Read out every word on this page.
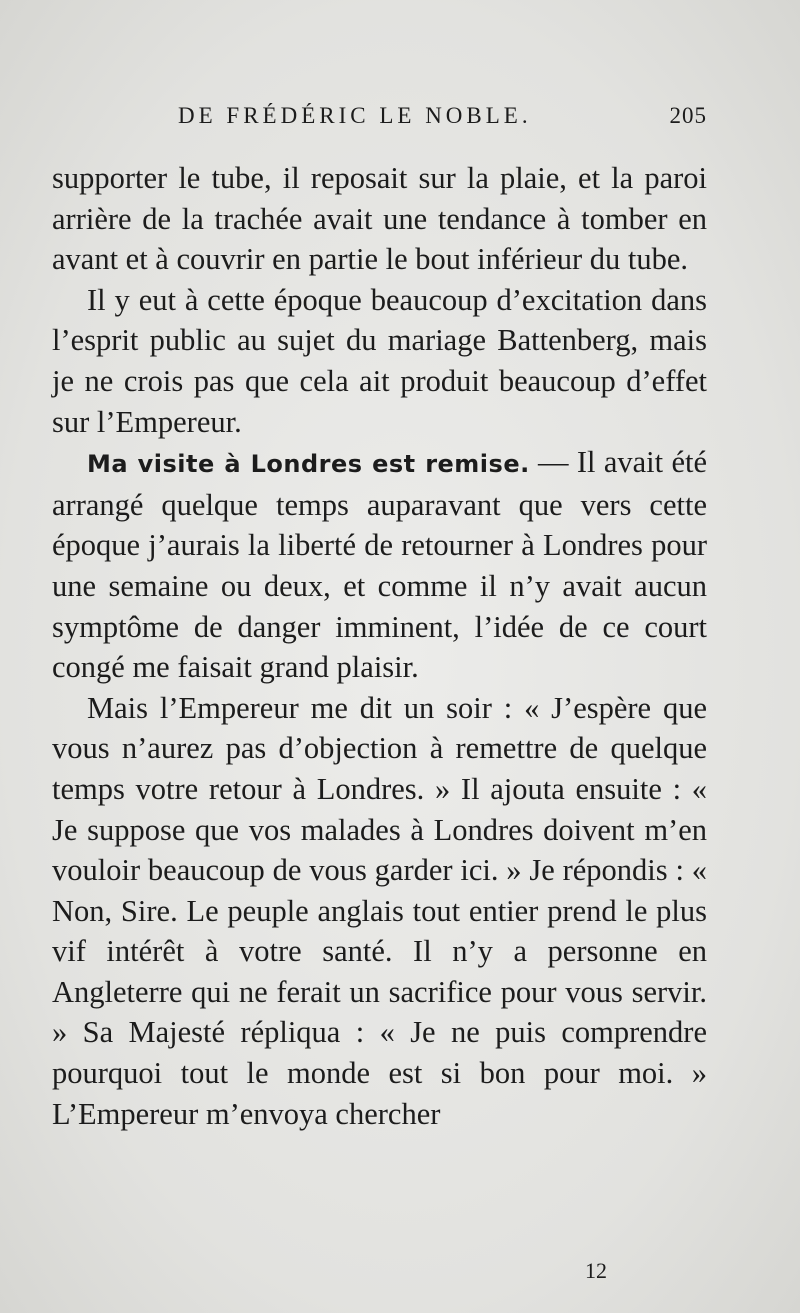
DE FRÉDÉRIC LE NOBLE.	205

supporter le tube, il reposait sur la plaie, et la paroi arrière de la trachée avait une tendance à tomber en avant et à couvrir en partie le bout inférieur du tube.

Il y eut à cette époque beaucoup d’excitation dans l’esprit public au sujet du mariage Battenberg, mais je ne crois pas que cela ait produit beaucoup d’effet sur l’Empereur.

Ma visite à Londres est remise. — Il avait été arrangé quelque temps auparavant que vers cette époque j’aurais la liberté de retourner à Londres pour une semaine ou deux, et comme il n’y avait aucun symptôme de danger imminent, l’idée de ce court congé me faisait grand plaisir.

Mais l’Empereur me dit un soir : « J’espère que vous n’aurez pas d’objection à remettre de quelque temps votre retour à Londres. » Il ajouta ensuite : « Je suppose que vos malades à Londres doivent m’en vouloir beaucoup de vous garder ici. » Je répondis : « Non, Sire. Le peuple anglais tout entier prend le plus vif intérêt à votre santé. Il n’y a personne en Angleterre qui ne ferait un sacrifice pour vous servir. » Sa Majesté répliqua : « Je ne puis comprendre pourquoi tout le monde est si bon pour moi. » L’Empereur m’envoya chercher

12
